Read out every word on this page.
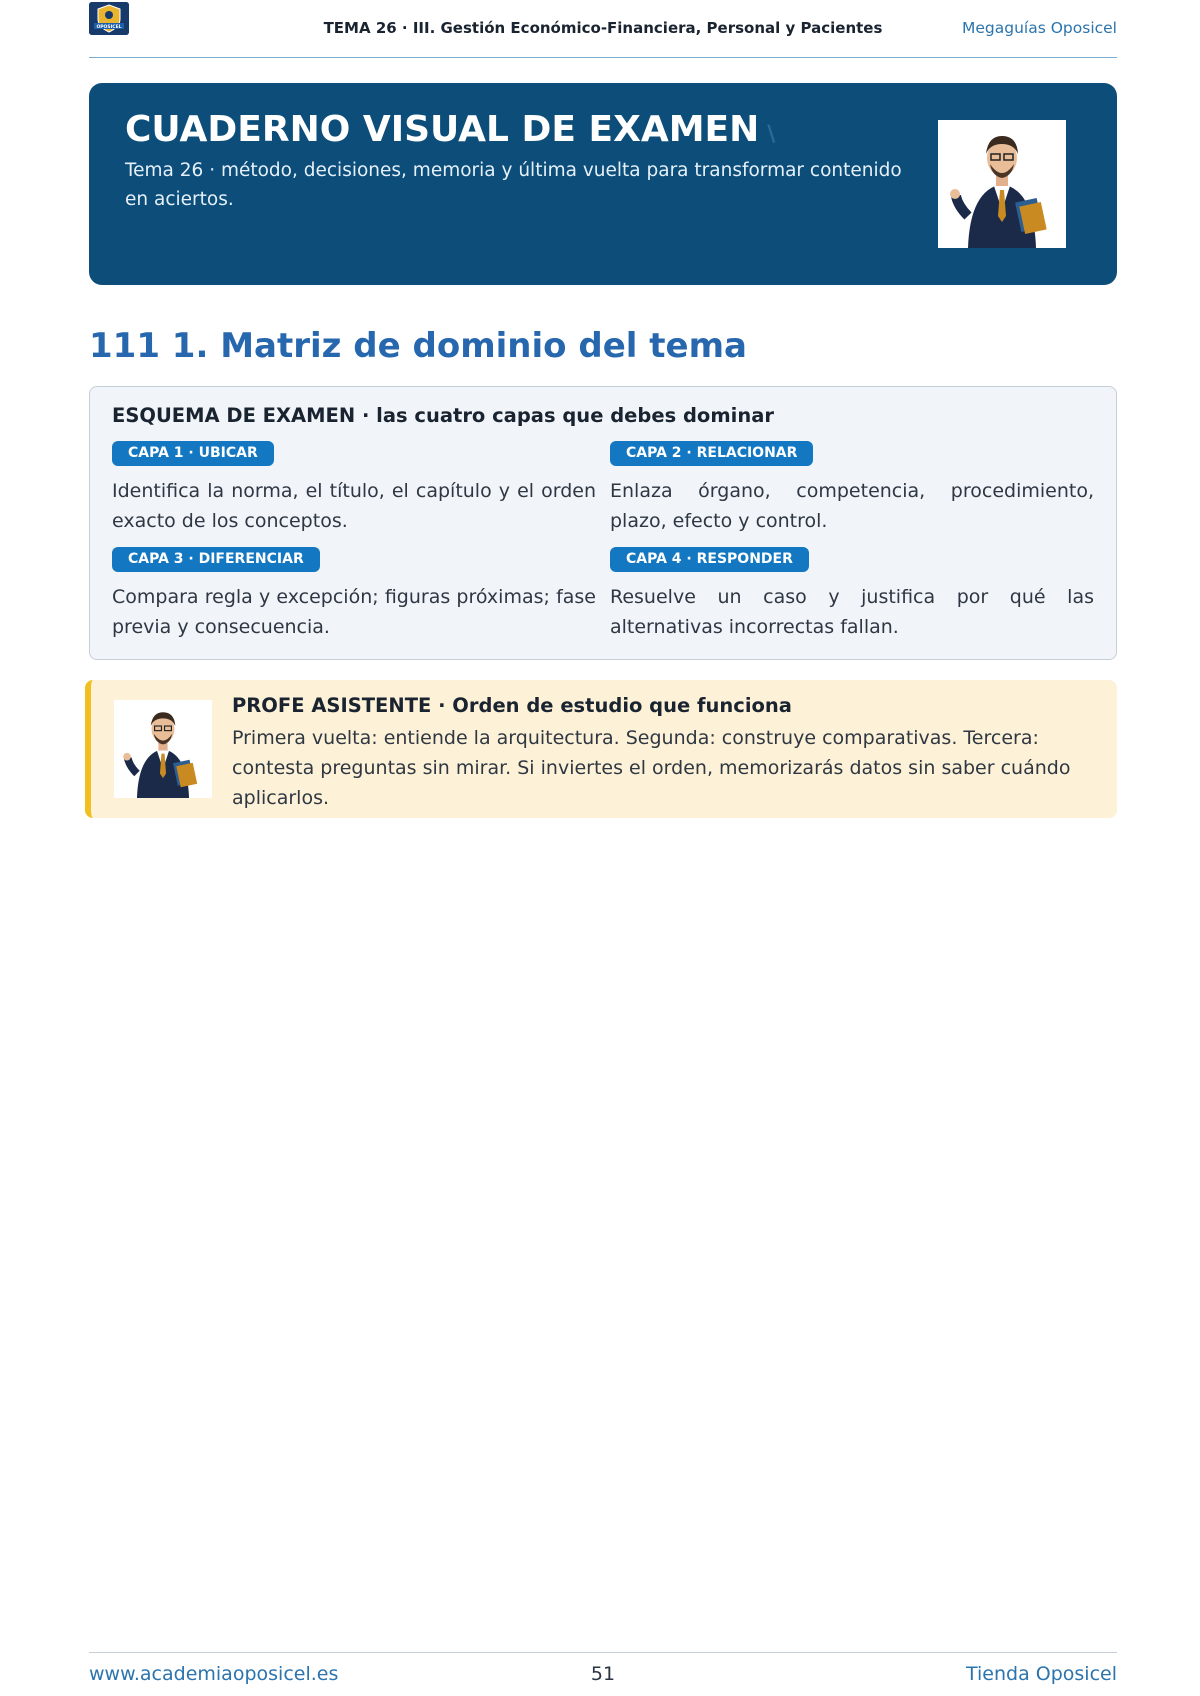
OPOSICEL	TEMA 26 · III. Gestión Económico-Financiera, Personal y Pacientes	Megaguías Oposicel
CUADERNO VISUAL DE EXAMEN \
Tema 26 · método, decisiones, memoria y última vuelta para transformar contenido en aciertos.
111 1. Matriz de dominio del tema
ESQUEMA DE EXAMEN · las cuatro capas que debes dominar
CAPA 1 · UBICAR
Identifica la norma, el título, el capítulo y el orden exacto de los conceptos.
CAPA 2 · RELACIONAR
Enlaza órgano, competencia, procedimiento, plazo, efecto y control.
CAPA 3 · DIFERENCIAR
Compara regla y excepción; figuras próximas; fase previa y consecuencia.
CAPA 4 · RESPONDER
Resuelve un caso y justifica por qué las alternativas incorrectas fallan.
PROFE ASISTENTE · Orden de estudio que funciona
Primera vuelta: entiende la arquitectura. Segunda: construye comparativas. Tercera: contesta preguntas sin mirar. Si inviertes el orden, memorizarás datos sin saber cuándo aplicarlos.
www.academiaoposicel.es	51	Tienda Oposicel
